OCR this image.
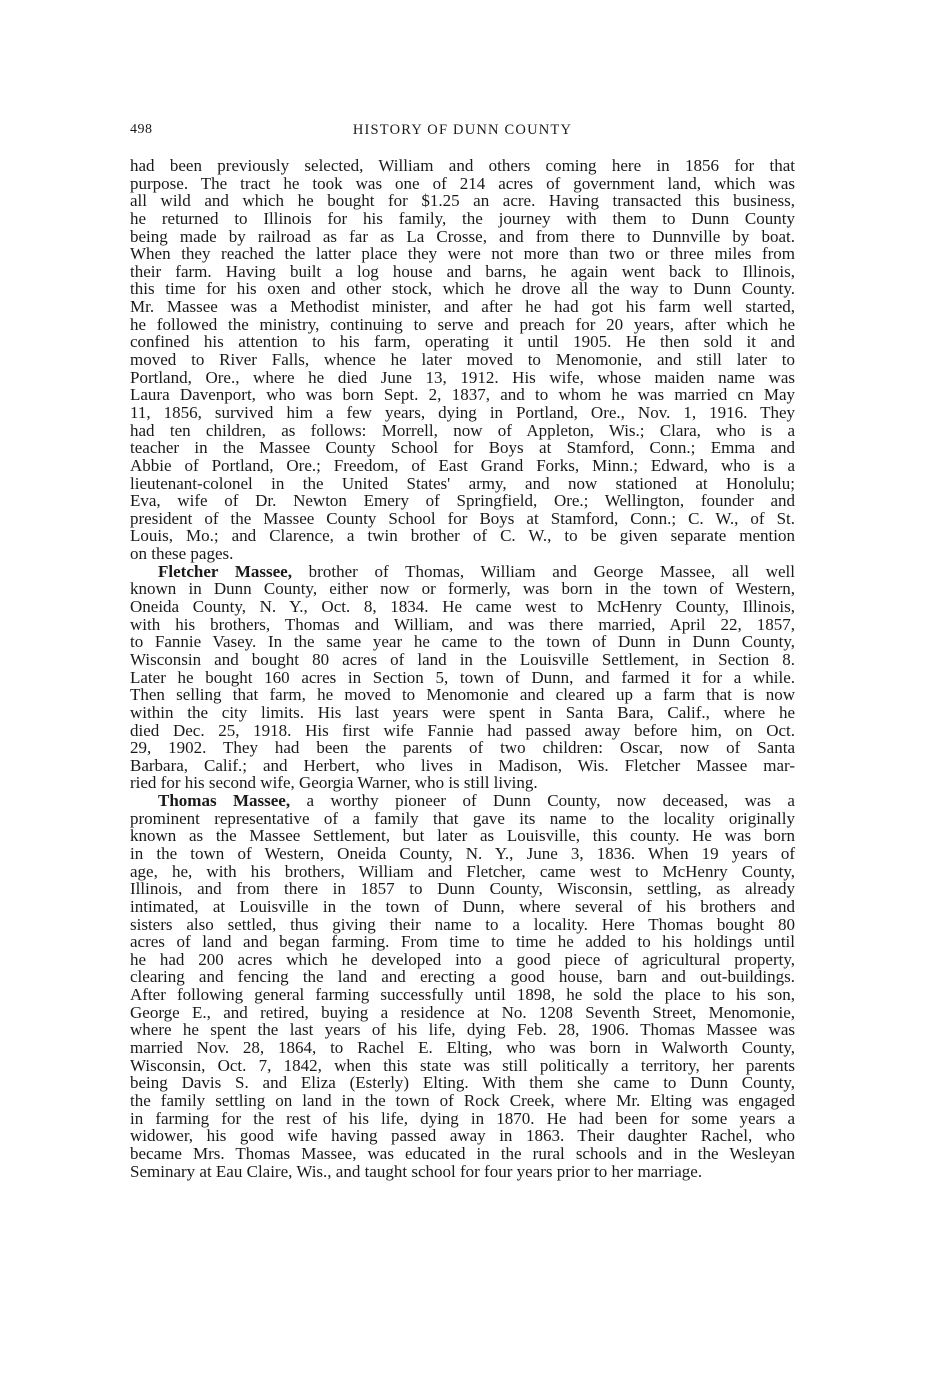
498	HISTORY OF DUNN COUNTY
had been previously selected, William and others coming here in 1856 for that
purpose. The tract he took was one of 214 acres of government land, which was
all wild and which he bought for $1.25 an acre. Having transacted this business,
he returned to Illinois for his family, the journey with them to Dunn County
being made by railroad as far as La Crosse, and from there to Dunnville by boat.
When they reached the latter place they were not more than two or three miles from
their farm. Having built a log house and barns, he again went back to Illinois,
this time for his oxen and other stock, which he drove all the way to Dunn County.
Mr. Massee was a Methodist minister, and after he had got his farm well started,
he followed the ministry, continuing to serve and preach for 20 years, after which he
confined his attention to his farm, operating it until 1905. He then sold it and
moved to River Falls, whence he later moved to Menomonie, and still later to
Portland, Ore., where he died June 13, 1912. His wife, whose maiden name was
Laura Davenport, who was born Sept. 2, 1837, and to whom he was married cn May
11, 1856, survived him a few years, dying in Portland, Ore., Nov. 1, 1916. They
had ten children, as follows: Morrell, now of Appleton, Wis.; Clara, who is a
teacher in the Massee County School for Boys at Stamford, Conn.; Emma and
Abbie of Portland, Ore.; Freedom, of East Grand Forks, Minn.; Edward, who is a
lieutenant-colonel in the United States' army, and now stationed at Honolulu;
Eva, wife of Dr. Newton Emery of Springfield, Ore.; Wellington, founder and
president of the Massee County School for Boys at Stamford, Conn.; C. W., of St.
Louis, Mo.; and Clarence, a twin brother of C. W., to be given separate mention
on these pages.
Fletcher Massee, brother of Thomas, William and George Massee, all well
known in Dunn County, either now or formerly, was born in the town of Western,
Oneida County, N. Y., Oct. 8, 1834. He came west to McHenry County, Illinois,
with his brothers, Thomas and William, and was there married, April 22, 1857,
to Fannie Vasey. In the same year he came to the town of Dunn in Dunn County,
Wisconsin and bought 80 acres of land in the Louisville Settlement, in Section 8.
Later he bought 160 acres in Section 5, town of Dunn, and farmed it for a while.
Then selling that farm, he moved to Menomonie and cleared up a farm that is now
within the city limits. His last years were spent in Santa Bara, Calif., where he
died Dec. 25, 1918. His first wife Fannie had passed away before him, on Oct.
29, 1902. They had been the parents of two children: Oscar, now of Santa
Barbara, Calif.; and Herbert, who lives in Madison, Wis. Fletcher Massee mar-
ried for his second wife, Georgia Warner, who is still living.
Thomas Massee, a worthy pioneer of Dunn County, now deceased, was a
prominent representative of a family that gave its name to the locality originally
known as the Massee Settlement, but later as Louisville, this county. He was born
in the town of Western, Oneida County, N. Y., June 3, 1836. When 19 years of
age, he, with his brothers, William and Fletcher, came west to McHenry County,
Illinois, and from there in 1857 to Dunn County, Wisconsin, settling, as already
intimated, at Louisville in the town of Dunn, where several of his brothers and
sisters also settled, thus giving their name to a locality. Here Thomas bought 80
acres of land and began farming. From time to time he added to his holdings until
he had 200 acres which he developed into a good piece of agricultural property,
clearing and fencing the land and erecting a good house, barn and out-buildings.
After following general farming successfully until 1898, he sold the place to his son,
George E., and retired, buying a residence at No. 1208 Seventh Street, Menomonie,
where he spent the last years of his life, dying Feb. 28, 1906. Thomas Massee was
married Nov. 28, 1864, to Rachel E. Elting, who was born in Walworth County,
Wisconsin, Oct. 7, 1842, when this state was still politically a territory, her parents
being Davis S. and Eliza (Esterly) Elting. With them she came to Dunn County,
the family settling on land in the town of Rock Creek, where Mr. Elting was engaged
in farming for the rest of his life, dying in 1870. He had been for some years a
widower, his good wife having passed away in 1863. Their daughter Rachel, who
became Mrs. Thomas Massee, was educated in the rural schools and in the Wesleyan
Seminary at Eau Claire, Wis., and taught school for four years prior to her marriage.
